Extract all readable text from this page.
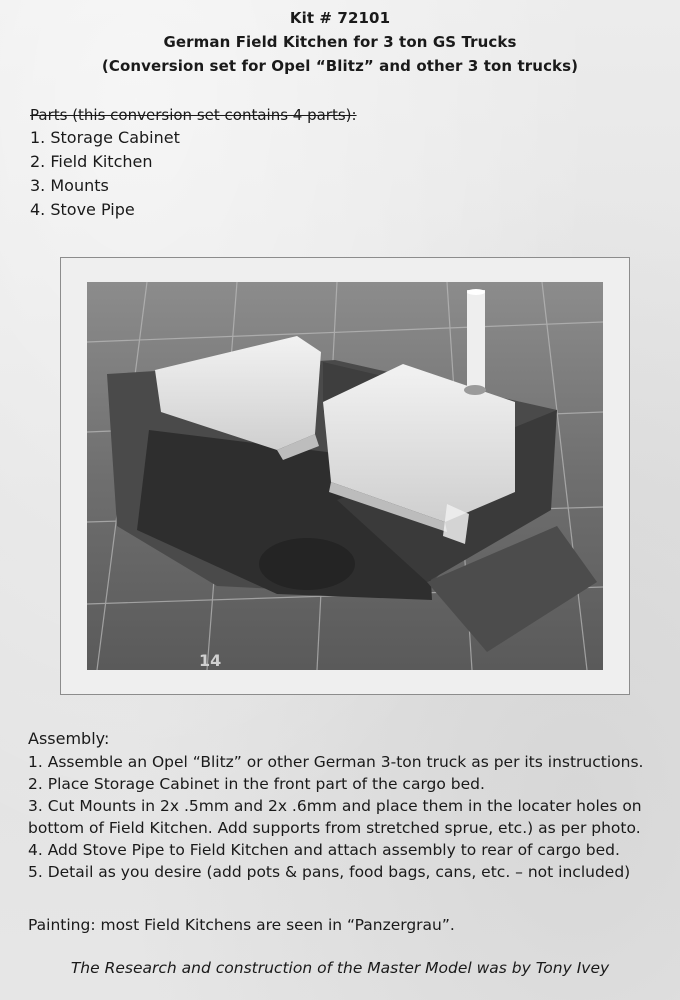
Kit # 72101
German Field Kitchen for 3 ton GS Trucks
(Conversion set for Opel “Blitz” and other 3 ton trucks)
Parts (this conversion set contains 4 parts):
1. Storage Cabinet
2. Field Kitchen
3. Mounts
4. Stove Pipe
14
Assembly:

1. Assemble an Opel “Blitz” or other German 3-ton truck as per its instructions.

2. Place Storage Cabinet in the front part of the cargo bed.

3. Cut Mounts in 2x .5mm and 2x .6mm and place them in the locater holes on bottom of Field Kitchen. Add supports from stretched sprue, etc.) as per photo.

4. Add Stove Pipe to Field Kitchen and attach assembly to rear of cargo bed.

5. Detail as you desire (add pots & pans, food bags, cans, etc. – not included)

Painting: most Field Kitchens are seen in “Panzergrau”.
The Research and construction of the Master Model was by Tony Ivey
